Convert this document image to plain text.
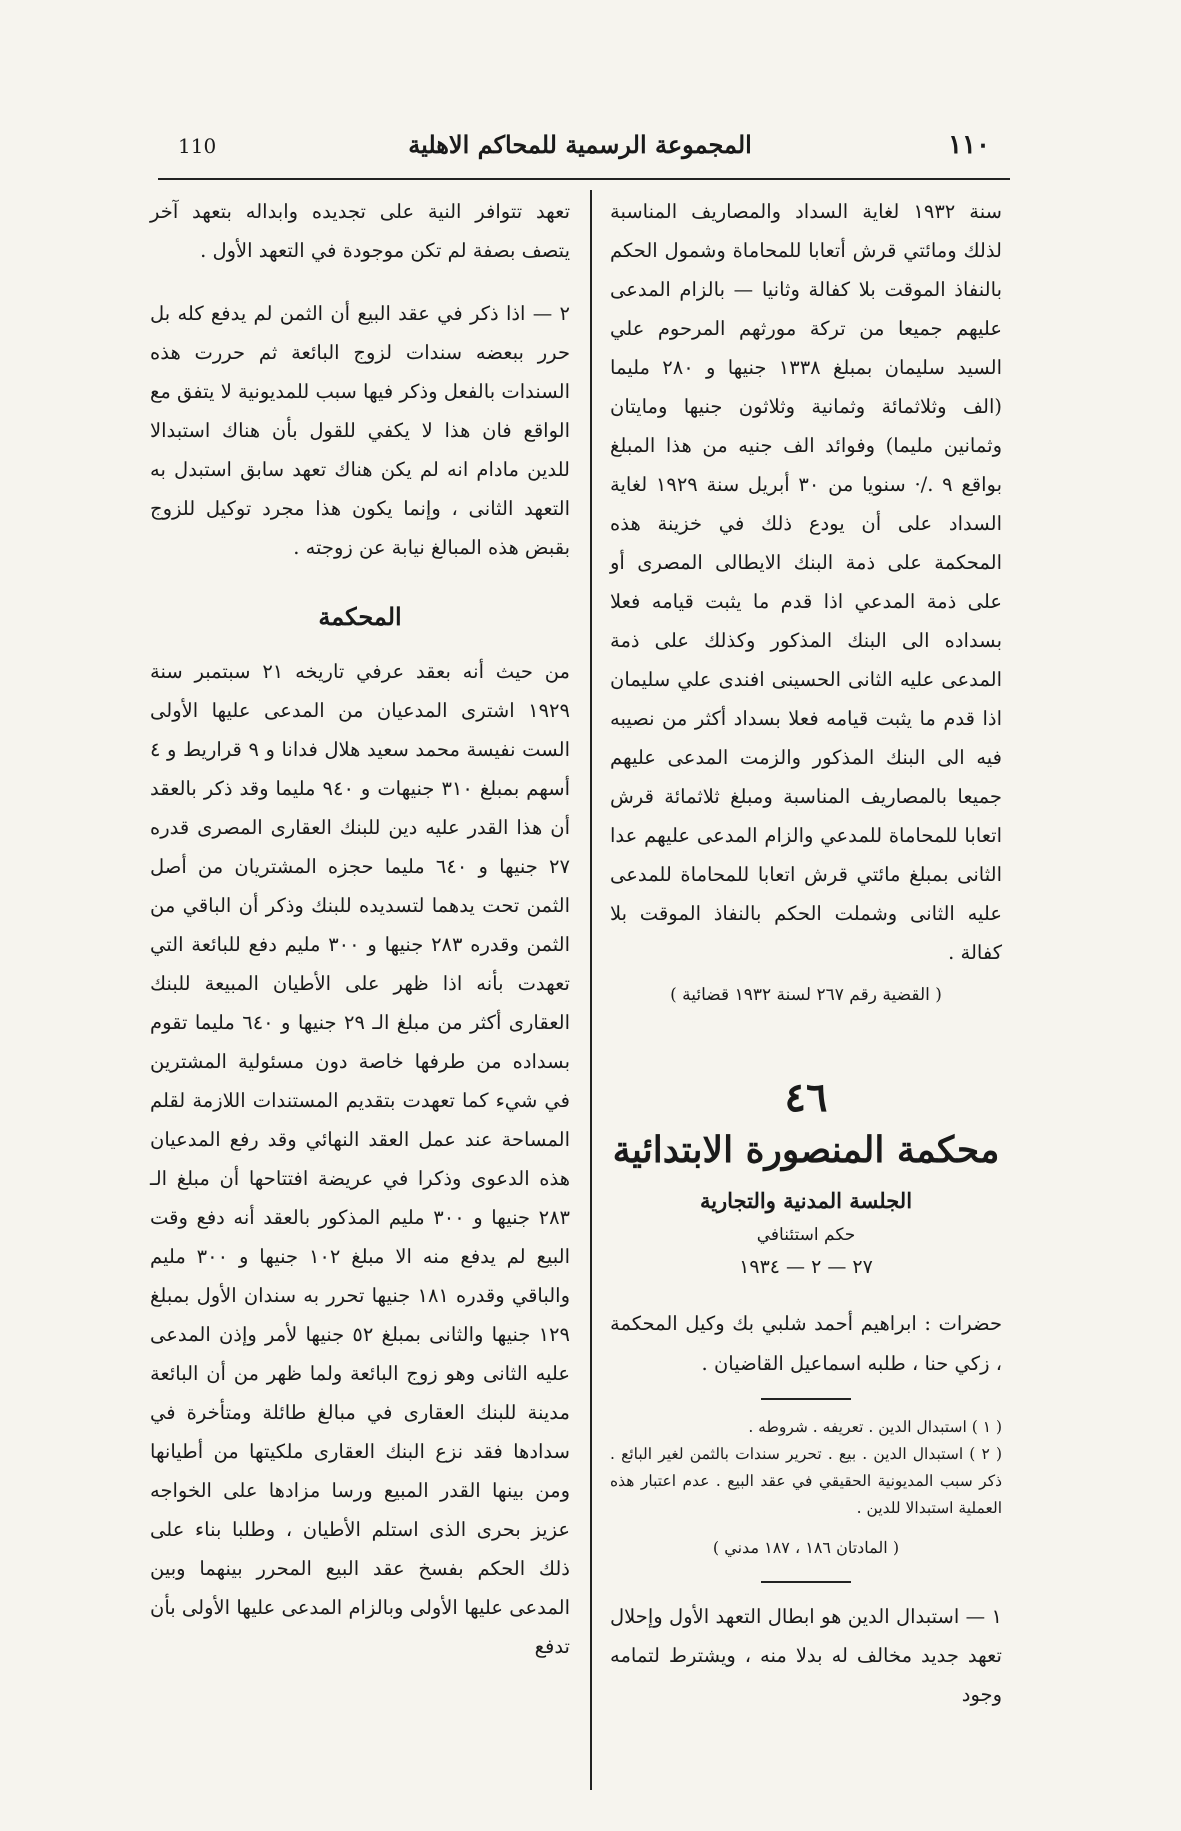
110	المجموعة الرسمية للمحاكم الاهلية	١١٠

سنة ١٩٣٢ لغاية السداد والمصاريف المناسبة لذلك ومائتي قرش أتعابا للمحاماة وشمول الحكم بالنفاذ الموقت بلا كفالة وثانيا — بالزام المدعى عليهم جميعا من تركة مورثهم المرحوم علي السيد سليمان بمبلغ ١٣٣٨ جنيها و ٢٨٠ مليما (الف وثلاثمائة وثمانية وثلاثون جنيها ومايتان وثمانين مليما) وفوائد الف جنيه من هذا المبلغ بواقع ٩ ./· سنويا من ٣٠ أبريل سنة ١٩٢٩ لغاية السداد على أن يودع ذلك في خزينة هذه المحكمة على ذمة البنك الايطالى المصرى أو على ذمة المدعي اذا قدم ما يثبت قيامه فعلا بسداده الى البنك المذكور وكذلك على ذمة المدعى عليه الثانى الحسينى افندى علي سليمان اذا قدم ما يثبت قيامه فعلا بسداد أكثر من نصيبه فيه الى البنك المذكور والزمت المدعى عليهم جميعا بالمصاريف المناسبة ومبلغ ثلاثمائة قرش اتعابا للمحاماة للمدعي والزام المدعى عليهم عدا الثانى بمبلغ مائتي قرش اتعابا للمحاماة للمدعى عليه الثانى وشملت الحكم بالنفاذ الموقت بلا كفالة .

( القضية رقم ٢٦٧ لسنة ١٩٣٢ قضائية )
٤٦
محكمة المنصورة الابتدائية
الجلسة المدنية والتجارية
حكم استئنافي
٢٧ — ٢ — ١٩٣٤

حضرات : ابراهيم أحمد شلبي بك وكيل المحكمة ، زكي حنا ، طلبه اسماعيل القاضيان .

( ١ ) استبدال الدين . تعريفه . شروطه .

( ٢ ) استبدال الدين . بيع . تحرير سندات بالثمن لغير البائع . ذكر سبب المديونية الحقيقي في عقد البيع . عدم اعتبار هذه العملية استبدالا للدين .

( المادتان ١٨٦ ، ١٨٧ مدني )

١ — استبدال الدين هو ابطال التعهد الأول وإحلال تعهد جديد مخالف له بدلا منه ، ويشترط لتمامه وجود

تعهد تتوافر النية على تجديده وابداله بتعهد آخر يتصف بصفة لم تكن موجودة في التعهد الأول .

٢ — اذا ذكر في عقد البيع أن الثمن لم يدفع كله بل حرر ببعضه سندات لزوج البائعة ثم حررت هذه السندات بالفعل وذكر فيها سبب للمديونية لا يتفق مع الواقع فان هذا لا يكفي للقول بأن هناك استبدالا للدين مادام انه لم يكن هناك تعهد سابق استبدل به التعهد الثانى ، وإنما يكون هذا مجرد توكيل للزوج بقبض هذه المبالغ نيابة عن زوجته .

المحكمة

من حيث أنه بعقد عرفي تاريخه ٢١ سبتمبر سنة ١٩٢٩ اشترى المدعيان من المدعى عليها الأولى الست نفيسة محمد سعيد هلال فدانا و ٩ قراريط و ٤ أسهم بمبلغ ٣١٠ جنيهات و ٩٤٠ مليما وقد ذكر بالعقد أن هذا القدر عليه دين للبنك العقارى المصرى قدره ٢٧ جنيها و ٦٤٠ مليما حجزه المشتريان من أصل الثمن تحت يدهما لتسديده للبنك وذكر أن الباقي من الثمن وقدره ٢٨٣ جنيها و ٣٠٠ مليم دفع للبائعة التي تعهدت بأنه اذا ظهر على الأطيان المبيعة للبنك العقارى أكثر من مبلغ الـ ٢٩ جنيها و ٦٤٠ مليما تقوم بسداده من طرفها خاصة دون مسئولية المشترين في شيء كما تعهدت بتقديم المستندات اللازمة لقلم المساحة عند عمل العقد النهائي وقد رفع المدعيان هذه الدعوى وذكرا في عريضة افتتاحها أن مبلغ الـ ٢٨٣ جنيها و ٣٠٠ مليم المذكور بالعقد أنه دفع وقت البيع لم يدفع منه الا مبلغ ١٠٢ جنيها و ٣٠٠ مليم والباقي وقدره ١٨١ جنيها تحرر به سندان الأول بمبلغ ١٢٩ جنيها والثانى بمبلغ ٥٢ جنيها لأمر وإذن المدعى عليه الثانى وهو زوج البائعة ولما ظهر من أن البائعة مدينة للبنك العقارى في مبالغ طائلة ومتأخرة في سدادها فقد نزع البنك العقارى ملكيتها من أطيانها ومن بينها القدر المبيع ورسا مزادها على الخواجه عزيز بحرى الذى استلم الأطيان ، وطلبا بناء على ذلك الحكم بفسخ عقد البيع المحرر بينهما وبين المدعى عليها الأولى وبالزام المدعى عليها الأولى بأن تدفع
